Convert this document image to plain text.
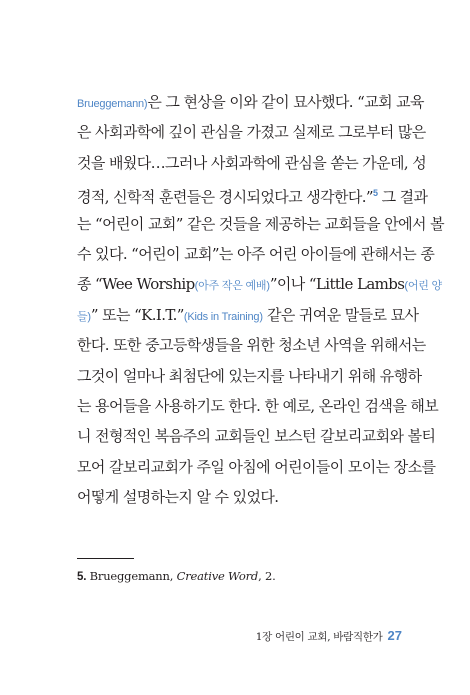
Brueggemann)은 그 현상을 이와 같이 묘사했다. “교회 교육
은 사회과학에 깊이 관심을 가졌고 실제로 그로부터 많은
것을 배웠다…그러나 사회과학에 관심을 쏟는 가운데, 성
경적, 신학적 훈련들은 경시되었다고 생각한다.”$^5$ 그 결과
는 “어린이 교회” 같은 것들을 제공하는 교회들을 안에서 볼
수 있다. “어린이 교회”는 아주 어린 아이들에 관해서는 종
종 “Wee Worship(아주 작은 예배)”이나 “Little Lambs(어린 양
들)” 또는 “K.I.T.”(Kids in Training) 같은 귀여운 말들로 묘사
한다. 또한 중고등학생들을 위한 청소년 사역을 위해서는
그것이 얼마나 최첨단에 있는지를 나타내기 위해 유행하
는 용어들을 사용하기도 한다. 한 예로, 온라인 검색을 해보
니 전형적인 복음주의 교회들인 보스턴 갈보리교회와 볼티
모어 갈보리교회가 주일 아침에 어린이들이 모이는 장소를
어떻게 설명하는지 알 수 있었다.
5. Brueggemann, Creative Word, 2.
1장 어린이 교회, 바람직한가 27
